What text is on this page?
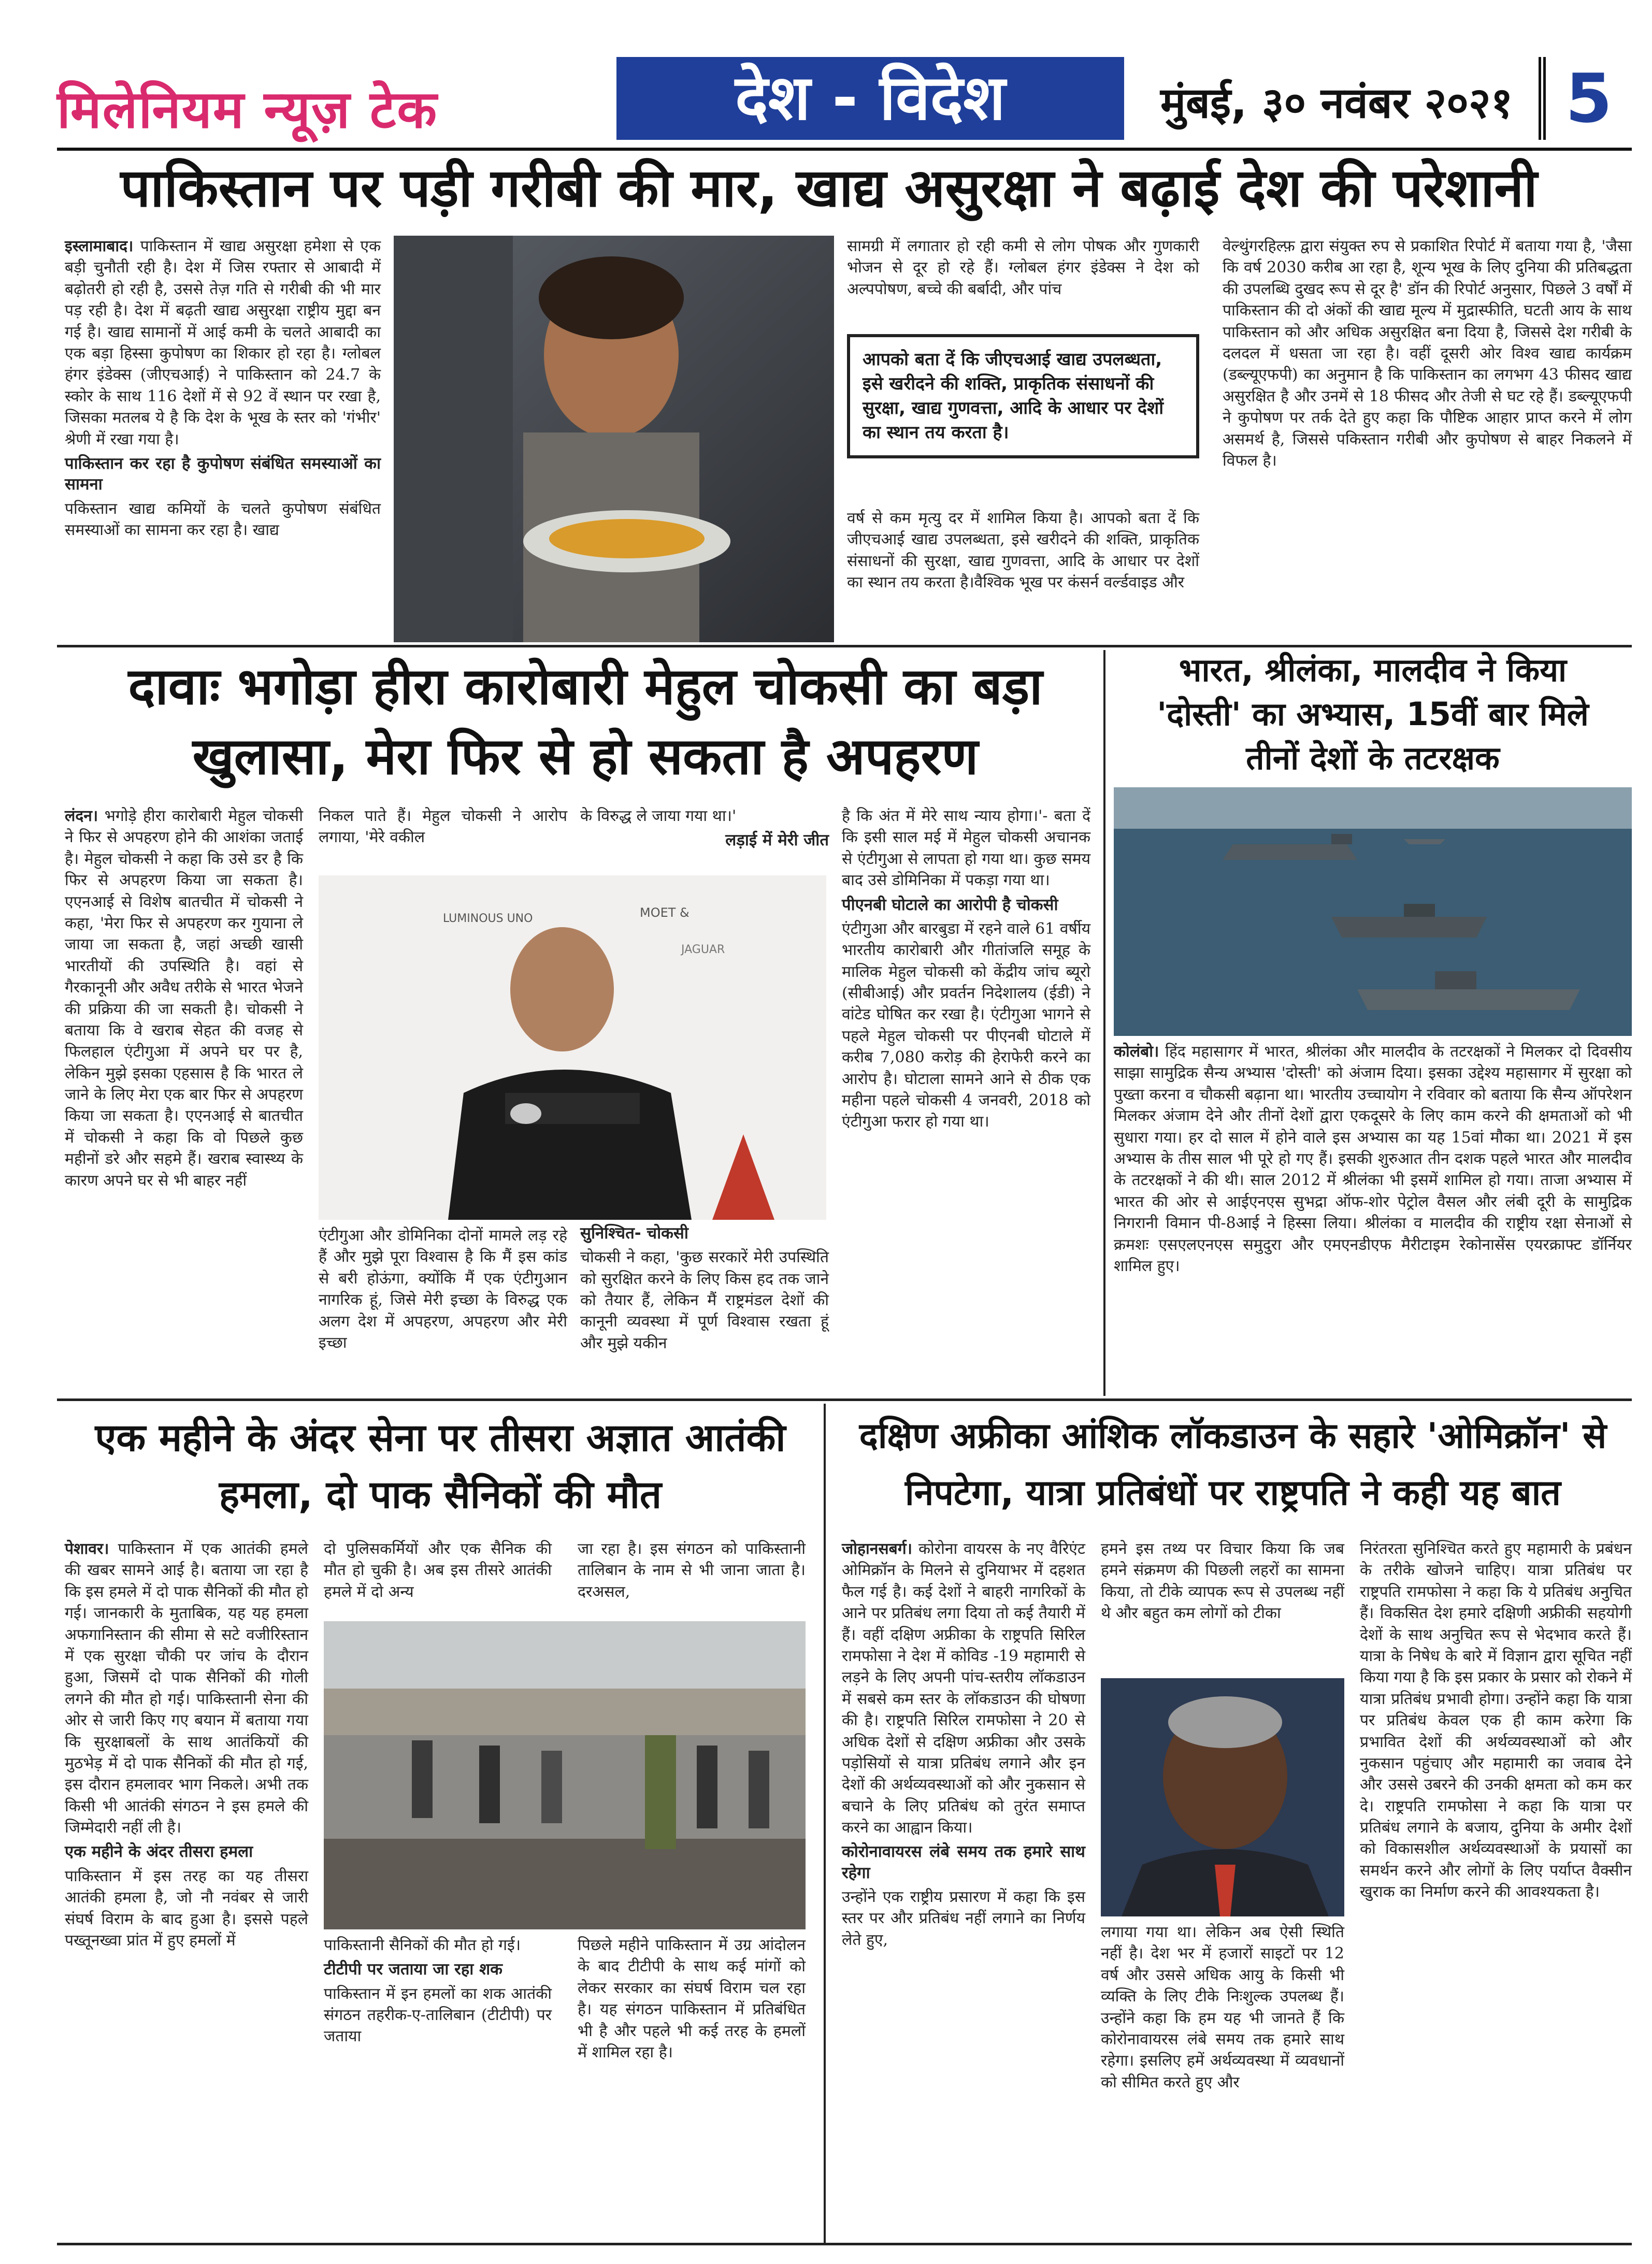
मिलेनियम न्यूज़ टेक	देश - विदेश	मुंबई, ३० नवंबर २०२१ 5
पाकिस्तान पर पड़ी गरीबी की मार, खाद्य असुरक्षा ने बढ़ाई देश की परेशानी
इस्लामाबाद। पाकिस्तान में खाद्य असुरक्षा हमेशा से एक बड़ी चुनौती रही है। देश में जिस रफ्तार से आबादी में बढ़ोतरी हो रही है, उससे तेज़ गति से गरीबी की भी मार पड़ रही है। देश में बढ़ती खाद्य असुरक्षा राष्ट्रीय मुद्दा बन गई है। खाद्य सामानों में आई कमी के चलते आबादी का एक बड़ा हिस्सा कुपोषण का शिकार हो रहा है। ग्लोबल हंगर इंडेक्स (जीएचआई) ने पाकिस्तान को 24.7 के स्कोर के साथ 116 देशों में से 92 वें स्थान पर रखा है, जिसका मतलब ये है कि देश के भूख के स्तर को 'गंभीर' श्रेणी में रखा गया है।
पाकिस्तान कर रहा है कुपोषण संबंधित समस्याओं का सामना
पकिस्तान खाद्य कमियों के चलते कुपोषण संबंधित समस्याओं का सामना कर रहा है। खाद्य
सामग्री में लगातार हो रही कमी से लोग पोषक और गुणकारी भोजन से दूर हो रहे हैं। ग्लोबल हंगर इंडेक्स ने देश को अल्पपोषण, बच्चे की बर्बादी, और पांच
आपको बता दें कि जीएचआई खाद्य उपलब्धता, इसे खरीदने की शक्ति, प्राकृतिक संसाधनों की सुरक्षा, खाद्य गुणवत्ता, आदि के आधार पर देशों का स्थान तय करता है।
वर्ष से कम मृत्यु दर में शामिल किया है। आपको बता दें कि जीएचआई खाद्य उपलब्धता, इसे खरीदने की शक्ति, प्राकृतिक संसाधनों की सुरक्षा, खाद्य गुणवत्ता, आदि के आधार पर देशों का स्थान तय करता है।वैश्विक भूख पर कंसर्न वर्ल्डवाइड और
वेल्थुंगरहिल्फ़ द्वारा संयुक्त रुप से प्रकाशित रिपोर्ट में बताया गया है, 'जैसा कि वर्ष 2030 करीब आ रहा है, शून्य भूख के लिए दुनिया की प्रतिबद्धता की उपलब्धि दुखद रूप से दूर है' डॉन की रिपोर्ट अनुसार, पिछले 3 वर्षों में पाकिस्तान की दो अंकों की खाद्य मूल्य में मुद्रास्फीति, घटती आय के साथ पाकिस्तान को और अधिक असुरक्षित बना दिया है, जिससे देश गरीबी के दलदल में धसता जा रहा है। वहीं दूसरी ओर विश्व खाद्य कार्यक्रम (डब्ल्यूएफपी) का अनुमान है कि पाकिस्तान का लगभग 43 फीसद खाद्य असुरक्षित है और उनमें से 18 फीसद और तेजी से घट रहे हैं। डब्ल्यूएफपी ने कुपोषण पर तर्क देते हुए कहा कि पौष्टिक आहार प्राप्त करने में लोग असमर्थ है, जिससे पकिस्तान गरीबी और कुपोषण से बाहर निकलने में विफल है।
दावाः भगोड़ा हीरा कारोबारी मेहुल चोकसी का बड़ा
खुलासा, मेरा फिर से हो सकता है अपहरण
लंदन। भगोड़े हीरा कारोबारी मेहुल चोकसी ने फिर से अपहरण होने की आशंका जताई है। मेहुल चोकसी ने कहा कि उसे डर है कि फिर से अपहरण किया जा सकता है। एएनआई से विशेष बातचीत में चोकसी ने कहा, 'मेरा फिर से अपहरण कर गुयाना ले जाया जा सकता है, जहां अच्छी खासी भारतीयों की उपस्थिति है। वहां से गैरकानूनी और अवैध तरीके से भारत भेजने की प्रक्रिया की जा सकती है। चोकसी ने बताया कि वे खराब सेहत की वजह से फिलहाल एंटीगुआ में अपने घर पर है, लेकिन मुझे इसका एहसास है कि भारत ले जाने के लिए मेरा एक बार फिर से अपहरण किया जा सकता है। एएनआई से बातचीत में चोकसी ने कहा कि वो पिछले कुछ महीनों डरे और सहमे हैं। खराब स्वास्थ्य के कारण अपने घर से भी बाहर नहीं
निकल पाते हैं। मेहुल चोकसी ने आरोप लगाया, 'मेरे वकील
के विरुद्ध ले जाया गया था।'
लड़ाई में मेरी जीत
LUMINOUS UNO	MOET &
JAGUAR
एंटीगुआ और डोमिनिका दोनों मामले लड़ रहे हैं और मुझे पूरा विश्वास है कि मैं इस कांड से बरी होऊंगा, क्योंकि मैं एक एंटीगुआन नागरिक हूं, जिसे मेरी इच्छा के विरुद्ध एक अलग देश में अपहरण, अपहरण और मेरी इच्छा
सुनिश्चित- चोकसी
चोकसी ने कहा, 'कुछ सरकारें मेरी उपस्थिति को सुरक्षित करने के लिए किस हद तक जाने को तैयार हैं, लेकिन मैं राष्ट्रमंडल देशों की कानूनी व्यवस्था में पूर्ण विश्वास रखता हूं और मुझे यकीन
है कि अंत में मेरे साथ न्याय होगा।'- बता दें कि इसी साल मई में मेहुल चोकसी अचानक से एंटीगुआ से लापता हो गया था। कुछ समय बाद उसे डोमिनिका में पकड़ा गया था।
पीएनबी घोटाले का आरोपी है चोकसी
एंटीगुआ और बारबुडा में रहने वाले 61 वर्षीय भारतीय कारोबारी और गीतांजलि समूह के मालिक मेहुल चोकसी को केंद्रीय जांच ब्यूरो (सीबीआई) और प्रवर्तन निदेशालय (ईडी) ने वांटेड घोषित कर रखा है। एंटीगुआ भागने से पहले मेहुल चोकसी पर पीएनबी घोटाले में करीब 7,080 करोड़ की हेराफेरी करने का आरोप है। घोटाला सामने आने से ठीक एक महीना पहले चोकसी 4 जनवरी, 2018 को एंटीगुआ फरार हो गया था।
भारत, श्रीलंका, मालदीव ने किया
'दोस्ती' का अभ्यास, 15वीं बार मिले
तीनों देशों के तटरक्षक
कोलंबो। हिंद महासागर में भारत, श्रीलंका और मालदीव के तटरक्षकों ने मिलकर दो दिवसीय साझा सामुद्रिक सैन्य अभ्यास 'दोस्ती' को अंजाम दिया। इसका उद्देश्य महासागर में सुरक्षा को पुख्ता करना व चौकसी बढ़ाना था। भारतीय उच्चायोग ने रविवार को बताया कि सैन्य ऑपरेशन मिलकर अंजाम देने और तीनों देशों द्वारा एकदूसरे के लिए काम करने की क्षमताओं को भी सुधारा गया। हर दो साल में होने वाले इस अभ्यास का यह 15वां मौका था। 2021 में इस अभ्यास के तीस साल भी पूरे हो गए हैं। इसकी शुरुआत तीन दशक पहले भारत और मालदीव के तटरक्षकों ने की थी। साल 2012 में श्रीलंका भी इसमें शामिल हो गया। ताजा अभ्यास में भारत की ओर से आईएनएस सुभद्रा ऑफ-शोर पेट्रोल वैसल और लंबी दूरी के सामुद्रिक निगरानी विमान पी-8आई ने हिस्सा लिया। श्रीलंका व मालदीव की राष्ट्रीय रक्षा सेनाओं से क्रमशः एसएलएनएस समुदुरा और एमएनडीएफ मैरीटाइम रेकोनासेंस एयरक्राफ्ट डॉर्नियर शामिल हुए।
एक महीने के अंदर सेना पर तीसरा अज्ञात आतंकी
हमला, दो पाक सैनिकों की मौत
पेशावर। पाकिस्तान में एक आतंकी हमले की खबर सामने आई है। बताया जा रहा है कि इस हमले में दो पाक सैनिकों की मौत हो गई। जानकारी के मुताबिक, यह यह हमला अफगानिस्तान की सीमा से सटे वजीरिस्तान में एक सुरक्षा चौकी पर जांच के दौरान हुआ, जिसमें दो पाक सैनिकों की गोली लगने की मौत हो गई। पाकिस्तानी सेना की ओर से जारी किए गए बयान में बताया गया कि सुरक्षाबलों के साथ आतंकियों की मुठभेड़ में दो पाक सैनिकों की मौत हो गई, इस दौरान हमलावर भाग निकले। अभी तक किसी भी आतंकी संगठन ने इस हमले की जिम्मेदारी नहीं ली है।
एक महीने के अंदर तीसरा हमला
पाकिस्तान में इस तरह का यह तीसरा आतंकी हमला है, जो नौ नवंबर से जारी संघर्ष विराम के बाद हुआ है। इससे पहले पख्तूनख्वा प्रांत में हुए हमलों में
दो पुलिसकर्मियों और एक सैनिक की मौत हो चुकी है। अब इस तीसरे आतंकी हमले में दो अन्य
जा रहा है। इस संगठन को पाकिस्तानी तालिबान के नाम से भी जाना जाता है। दरअसल,
पाकिस्तानी सैनिकों की मौत हो गई।
टीटीपी पर जताया जा रहा शक
पाकिस्तान में इन हमलों का शक आतंकी संगठन तहरीक-ए-तालिबान (टीटीपी) पर जताया
पिछले महीने पाकिस्तान में उग्र आंदोलन के बाद टीटीपी के साथ कई मांगों को लेकर सरकार का संघर्ष विराम चल रहा है। यह संगठन पाकिस्तान में प्रतिबंधित भी है और पहले भी कई तरह के हमलों में शामिल रहा है।
दक्षिण अफ्रीका आंशिक लॉकडाउन के सहारे 'ओमिक्रॉन' से
निपटेगा, यात्रा प्रतिबंधों पर राष्ट्रपति ने कही यह बात
जोहानसबर्ग। कोरोना वायरस के नए वैरिएंट ओमिक्रॉन के मिलने से दुनियाभर में दहशत फैल गई है। कई देशों ने बाहरी नागरिकों के आने पर प्रतिबंध लगा दिया तो कई तैयारी में हैं। वहीं दक्षिण अफ्रीका के राष्ट्रपति सिरिल रामफोसा ने देश में कोविड -19 महामारी से लड़ने के लिए अपनी पांच-स्तरीय लॉकडाउन में सबसे कम स्तर के लॉकडाउन की घोषणा की है। राष्ट्रपति सिरिल रामफोसा ने 20 से अधिक देशों से दक्षिण अफ्रीका और उसके पड़ोसियों से यात्रा प्रतिबंध लगाने और इन देशों की अर्थव्यवस्थाओं को और नुकसान से बचाने के लिए प्रतिबंध को तुरंत समाप्त करने का आह्वान किया।
कोरोनावायरस लंबे समय तक हमारे साथ रहेगा
उन्होंने एक राष्ट्रीय प्रसारण में कहा कि इस स्तर पर और प्रतिबंध नहीं लगाने का निर्णय लेते हुए,
हमने इस तथ्य पर विचार किया कि जब हमने संक्रमण की पिछली लहरों का सामना किया, तो टीके व्यापक रूप से उपलब्ध नहीं थे और बहुत कम लोगों को टीका
लगाया गया था। लेकिन अब ऐसी स्थिति नहीं है। देश भर में हजारों साइटों पर 12 वर्ष और उससे अधिक आयु के किसी भी व्यक्ति के लिए टीके निःशुल्क उपलब्ध हैं। उन्होंने कहा कि हम यह भी जानते हैं कि कोरोनावायरस लंबे समय तक हमारे साथ रहेगा। इसलिए हमें अर्थव्यवस्था में व्यवधानों को सीमित करते हुए और
निरंतरता सुनिश्चित करते हुए महामारी के प्रबंधन के तरीके खोजने चाहिए। यात्रा प्रतिबंध पर राष्ट्रपति रामफोसा ने कहा कि ये प्रतिबंध अनुचित हैं। विकसित देश हमारे दक्षिणी अफ्रीकी सहयोगी देशों के साथ अनुचित रूप से भेदभाव करते हैं। यात्रा के निषेध के बारे में विज्ञान द्वारा सूचित नहीं किया गया है कि इस प्रकार के प्रसार को रोकने में यात्रा प्रतिबंध प्रभावी होगा। उन्होंने कहा कि यात्रा पर प्रतिबंध केवल एक ही काम करेगा कि प्रभावित देशों की अर्थव्यवस्थाओं को और नुकसान पहुंचाए और महामारी का जवाब देने और उससे उबरने की उनकी क्षमता को कम कर दे। राष्ट्रपति रामफोसा ने कहा कि यात्रा पर प्रतिबंध लगाने के बजाय, दुनिया के अमीर देशों को विकासशील अर्थव्यवस्थाओं के प्रयासों का समर्थन करने और लोगों के लिए पर्याप्त वैक्सीन खुराक का निर्माण करने की आवश्यकता है।
